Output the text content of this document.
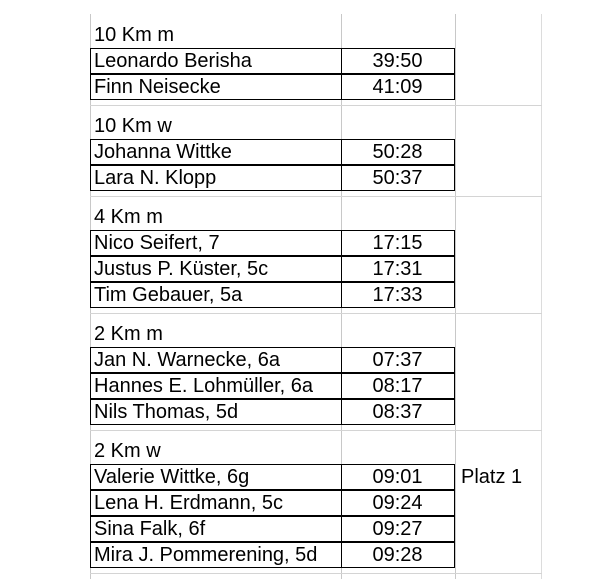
10 Km m
Leonardo Berisha	39:50
Finn Neisecke	41:09
10 Km w
Johanna Wittke	50:28
Lara N. Klopp	50:37
4 Km m
Nico Seifert, 7	17:15
Justus P. Küster, 5c	17:31
Tim Gebauer, 5a	17:33
2 Km m
Jan N. Warnecke, 6a	07:37
Hannes E. Lohmüller, 6a	08:17
Nils Thomas, 5d	08:37
2 Km w
Valerie Wittke, 6g	09:01	Platz 1
Lena H. Erdmann, 5c	09:24
Sina Falk, 6f	09:27
Mira J. Pommerening, 5d	09:28
